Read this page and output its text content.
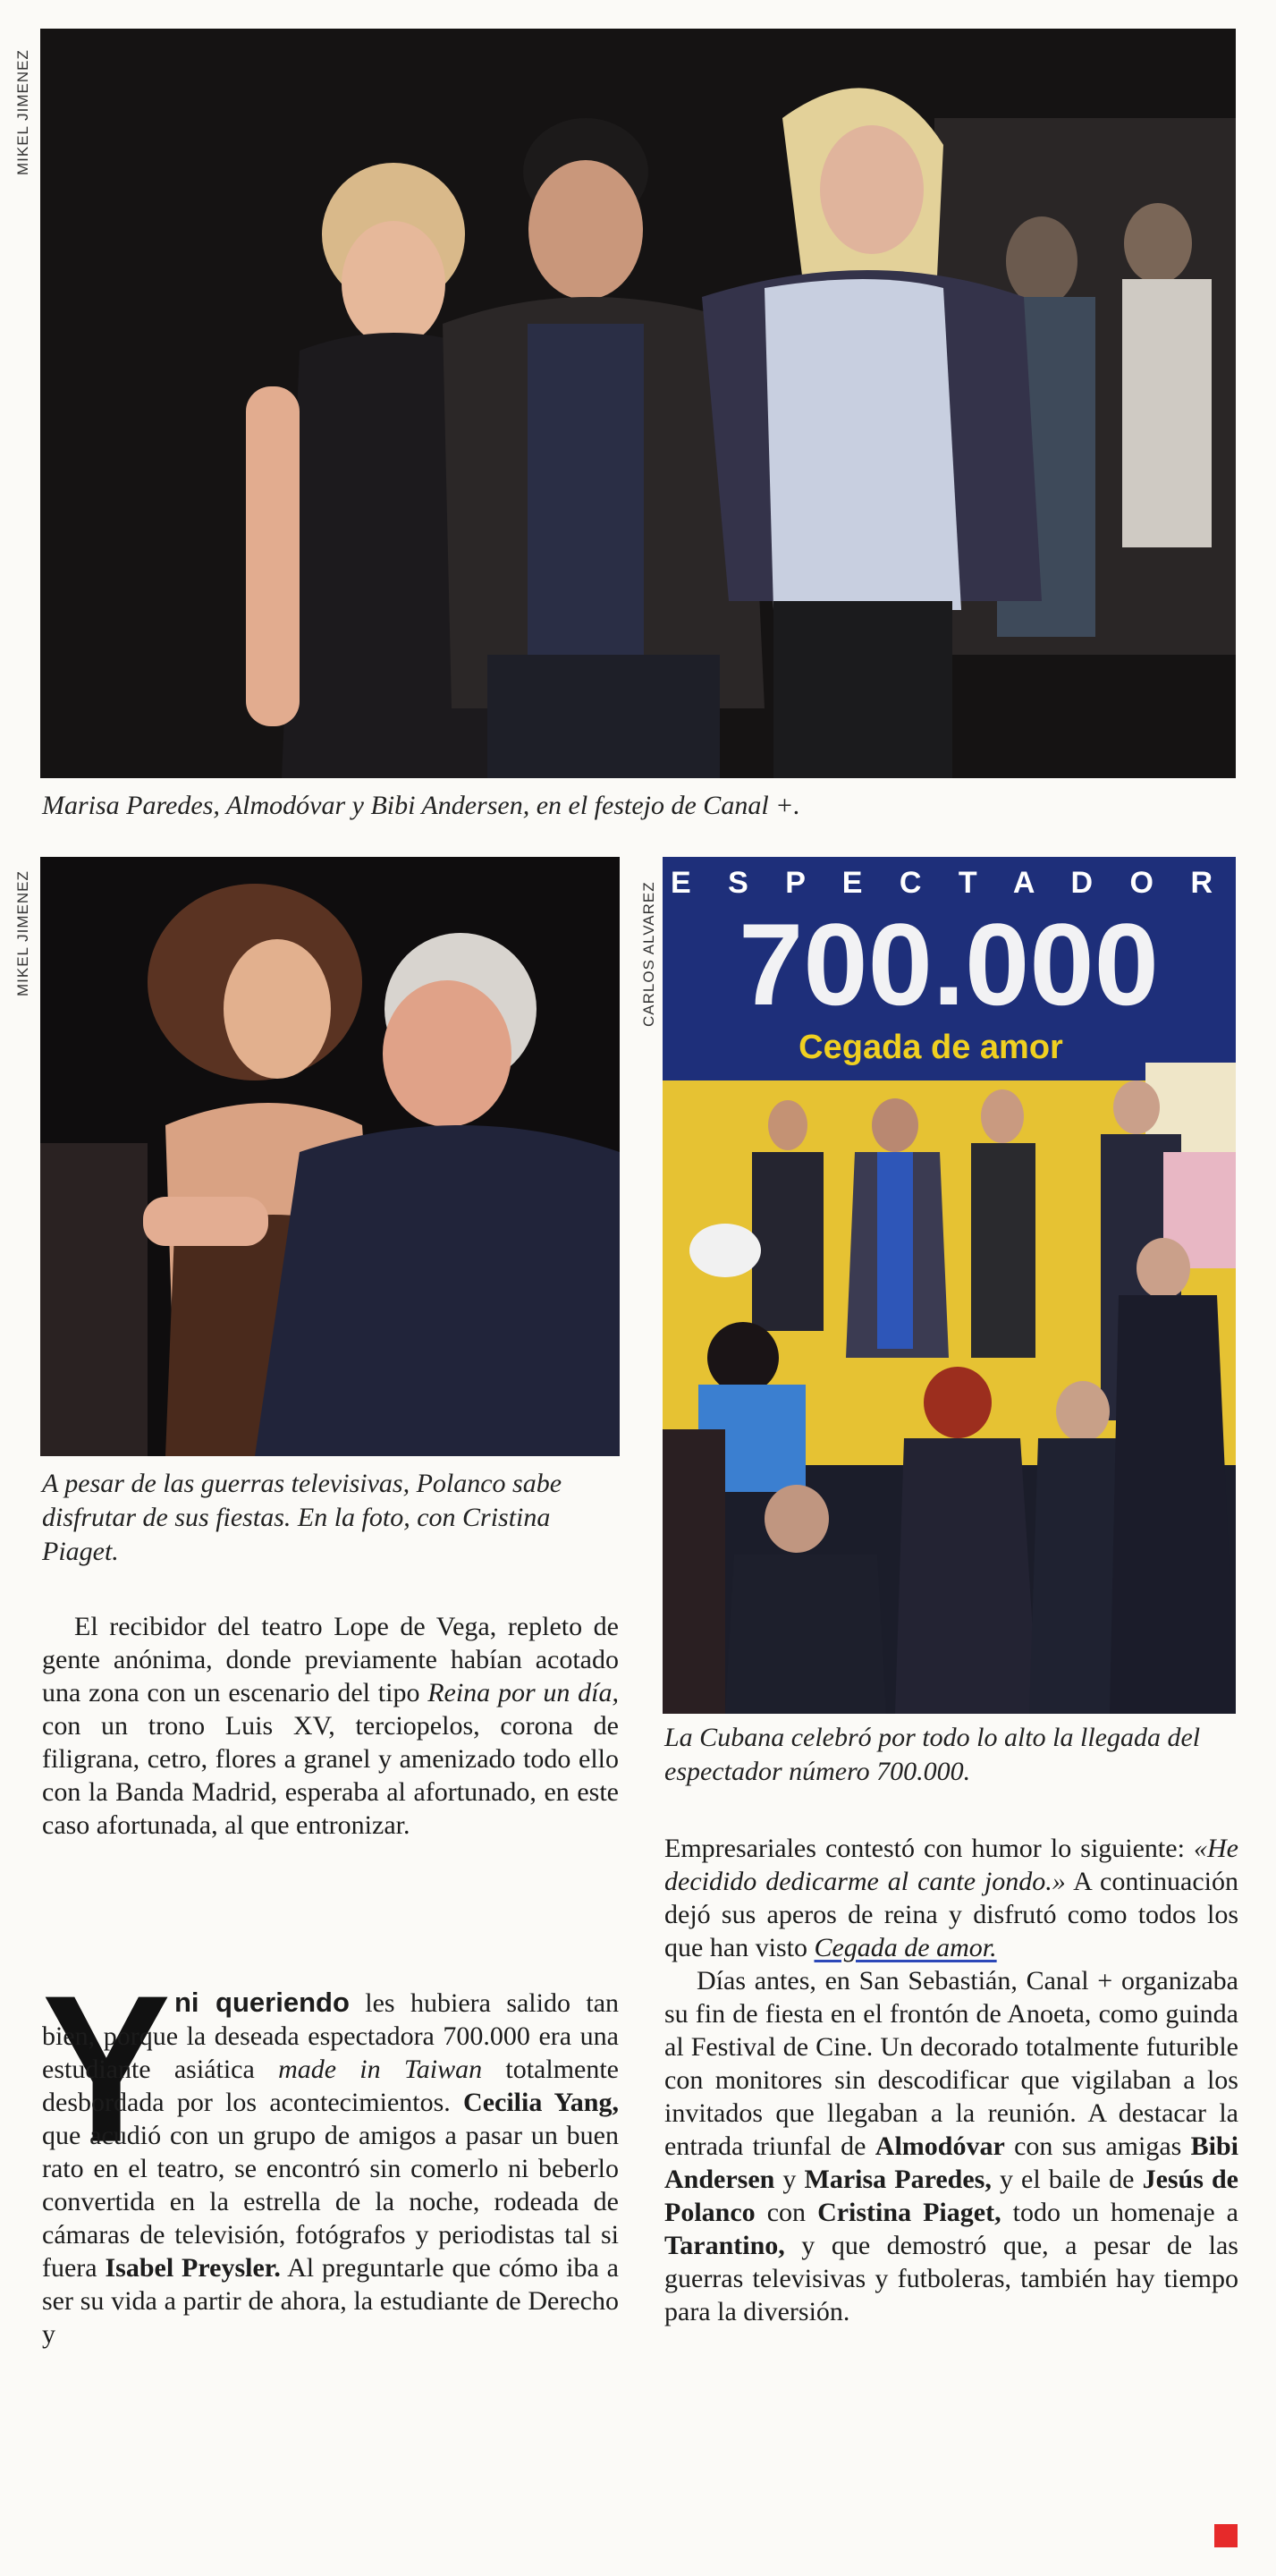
MIKEL JIMENEZ
Marisa Paredes, Almodóvar y Bibi Andersen, en el festejo de Canal +.
MIKEL JIMENEZ
A pesar de las guerras televisivas, Polanco sabe disfrutar de sus fiestas. En la foto, con Cristina Piaget.
E S P E C T A D O R
700.000
Cegada de amor
CARLOS ALVAREZ
La Cubana celebró por todo lo alto la llegada del espectador número 700.000.

El recibidor del teatro Lope de Vega, repleto de gente anónima, donde previamente habían acotado una zona con un escenario del tipo Reina por un día, con un trono Luis XV, terciopelos, corona de filigrana, cetro, flores a granel y amenizado todo ello con la Banda Madrid, esperaba al afortunado, en este caso afortunada, al que entronizar.

Y ni queriendo les hubiera salido tan bien, porque la deseada espectadora 700.000 era una estudiante asiática made in Taiwan totalmente desbordada por los acontecimientos. Cecilia Yang, que acudió con un grupo de amigos a pasar un buen rato en el teatro, se encontró sin comerlo ni beberlo convertida en la estrella de la noche, rodeada de cámaras de televisión, fotógrafos y periodistas tal si fuera Isabel Preysler. Al preguntarle que cómo iba a ser su vida a partir de ahora, la estudiante de Derecho y

Empresariales contestó con humor lo siguiente: «He decidido dedicarme al cante jondo.» A continuación dejó sus aperos de reina y disfrutó como todos los que han visto Cegada de amor.

Días antes, en San Sebastián, Canal + organizaba su fin de fiesta en el frontón de Anoeta, como guinda al Festival de Cine. Un decorado totalmente futurible con monitores sin descodificar que vigilaban a los invitados que llegaban a la reunión. A destacar la entrada triunfal de Almodóvar con sus amigas Bibi Andersen y Marisa Paredes, y el baile de Jesús de Polanco con Cristina Piaget, todo un homenaje a Tarantino, y que demostró que, a pesar de las guerras televisivas y futboleras, también hay tiempo para la diversión.
